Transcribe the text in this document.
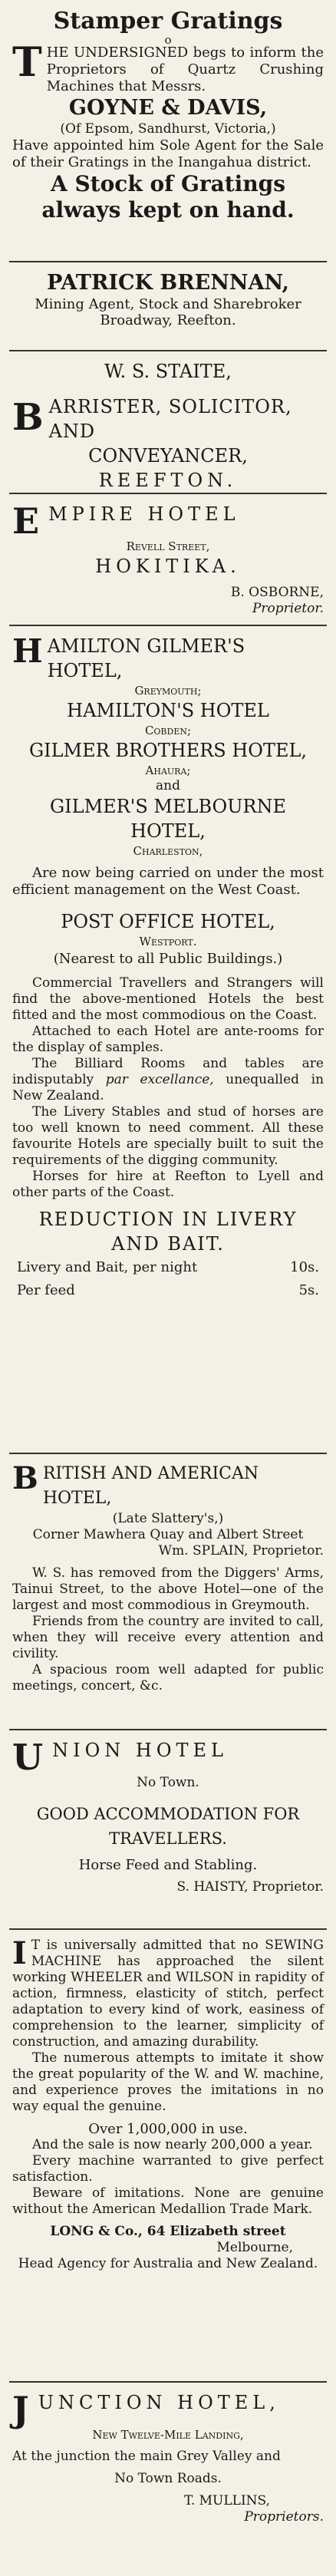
Stamper Gratings

o

THE UNDERSIGNED begs to inform the Proprietors of Quartz Crushing Machines that Messrs.

GOYNE & DAVIS,

(Of Epsom, Sandhurst, Victoria,)

Have appointed him Sole Agent for the Sale of their Gratings in the Inangahua district.

A Stock of Gratings always kept on hand.

PATRICK BRENNAN,

Mining Agent, Stock and Sharebroker

Broadway, Reefton.

W. S. STAITE,

BARRISTER, SOLICITOR, AND

CONVEYANCER,

REEFTON.

EMPIRE HOTEL

Revell Street,

HOKITIKA.

B. OSBORNE,

Proprietor.

HAMILTON GILMER'S HOTEL,

Greymouth;

HAMILTON'S HOTEL

Cobden;

GILMER BROTHERS HOTEL,

Ahaura;

and

GILMER'S MELBOURNE HOTEL,

Charleston,

Are now being carried on under the most efficient management on the West Coast.

POST OFFICE HOTEL,

Westport.

(Nearest to all Public Buildings.)

Commercial Travellers and Strangers will find the above-mentioned Hotels the best fitted and the most commodious on the Coast.

Attached to each Hotel are ante-rooms for the display of samples.

The Billiard Rooms and tables are indisputably par excellance, unequalled in New Zealand.

The Livery Stables and stud of horses are too well known to need comment. All these favourite Hotels are specially built to suit the requirements of the digging community.

Horses for hire at Reefton to Lyell and other parts of the Coast.

REDUCTION IN LIVERY AND BAIT.

Livery and Bait, per night	10s.
Per feed	5s.

BRITISH AND AMERICAN HOTEL,

(Late Slattery's,)

Corner Mawhera Quay and Albert Street

Wm. SPLAIN, Proprietor.

W. S. has removed from the Diggers' Arms, Tainui Street, to the above Hotel—one of the largest and most commodious in Greymouth.

Friends from the country are invited to call, when they will receive every attention and civility.

A spacious room well adapted for public meetings, concert, &c.

UNION HOTEL

No Town.

GOOD ACCOMMODATION FOR TRAVELLERS.

Horse Feed and Stabling.

S. HAISTY, Proprietor.

I T is universally admitted that no SEWING MACHINE has approached the silent working WHEELER and WILSON in rapidity of action, firmness, elasticity of stitch, perfect adaptation to every kind of work, easiness of comprehension to the learner, simplicity of construction, and amazing durability.

The numerous attempts to imitate it show the great popularity of the W. and W. machine, and experience proves the imitations in no way equal the genuine.

Over 1,000,000 in use.

And the sale is now nearly 200,000 a year.

Every machine warranted to give perfect satisfaction.

Beware of imitations. None are genuine without the American Medallion Trade Mark.

LONG & Co., 64 Elizabeth street

Melbourne,

Head Agency for Australia and New Zealand.

JUNCTION HOTEL,

New Twelve-Mile Landing,

At the junction the main Grey Valley and

No Town Roads.

T. MULLINS,

Proprietors.
